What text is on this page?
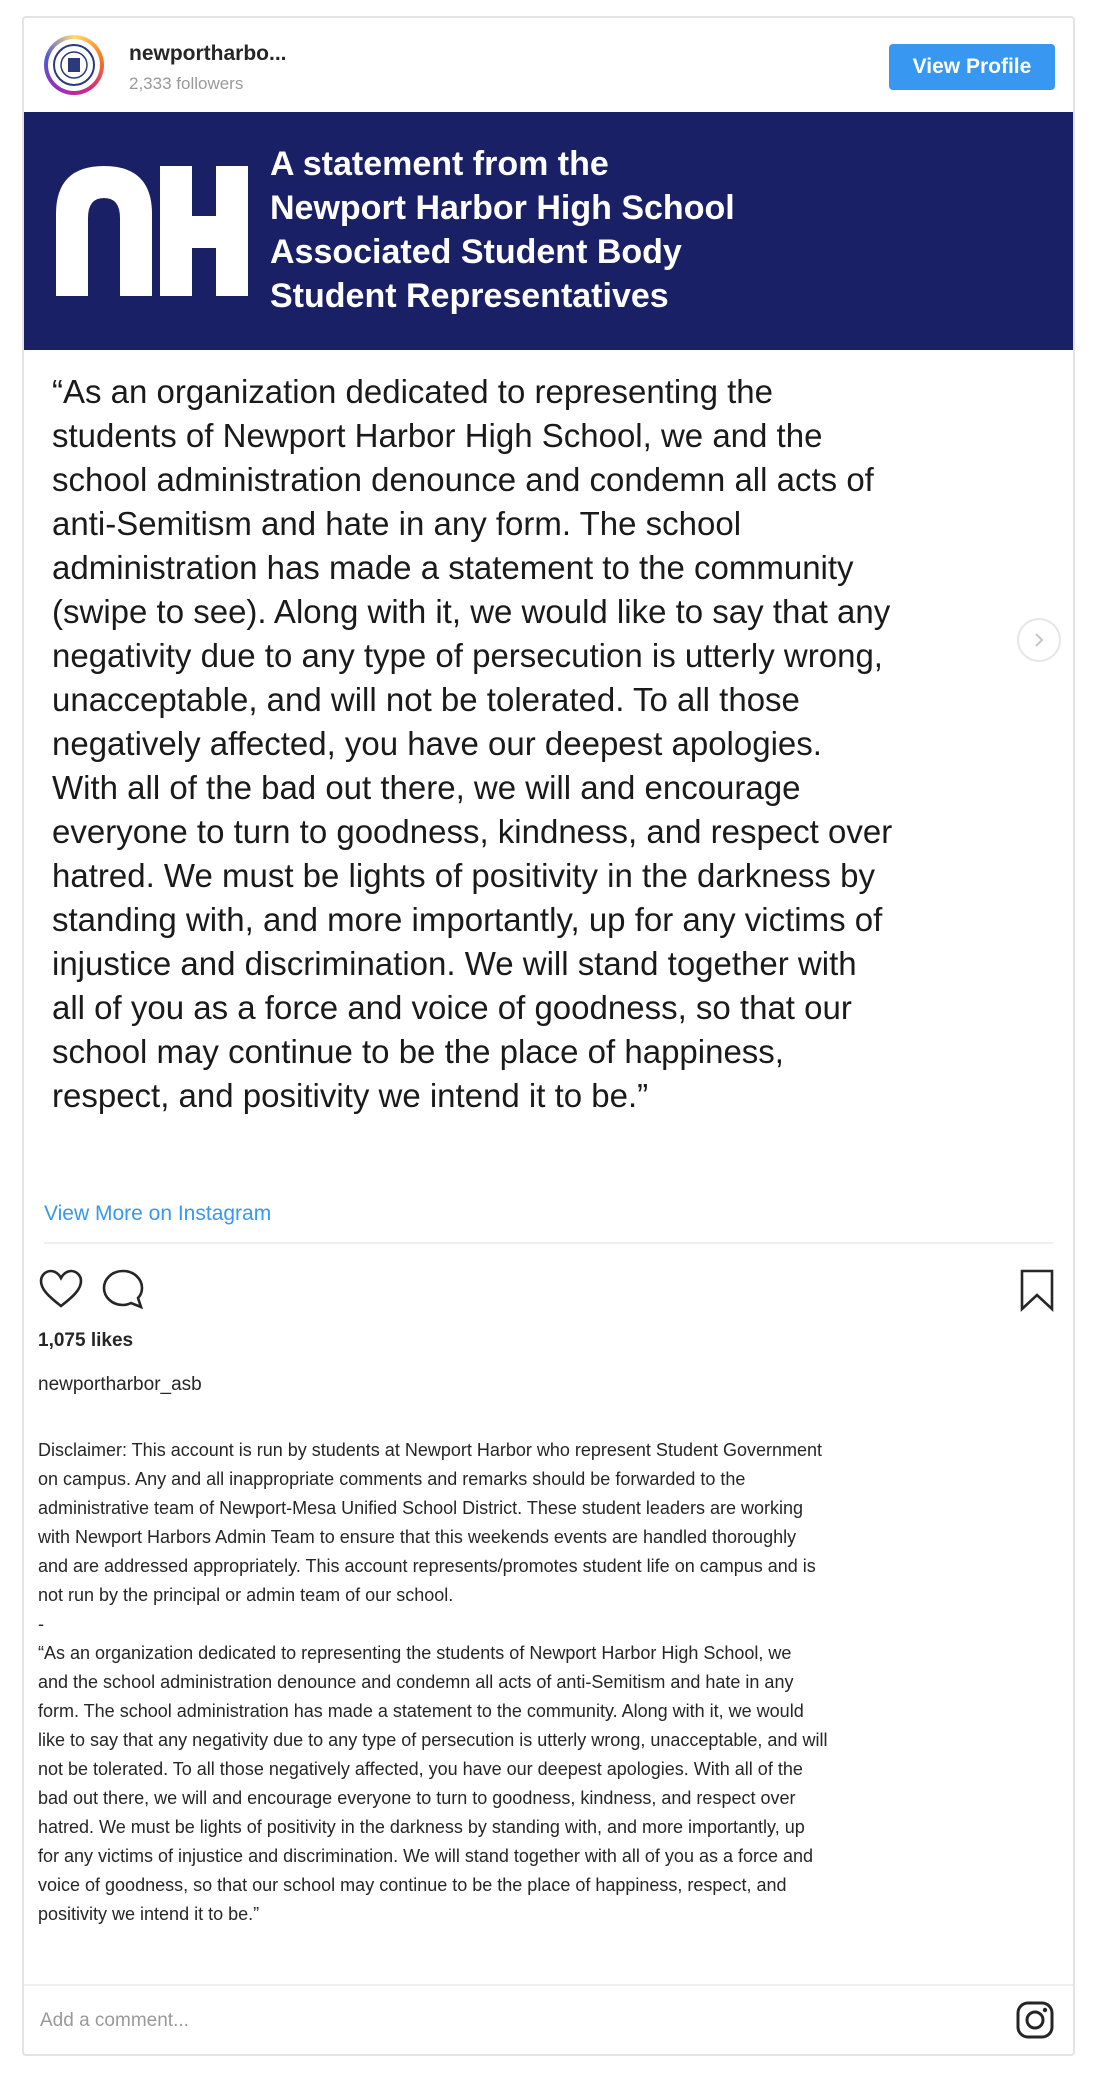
newportharbo...
2,333 followers
View Profile
A statement from the
Newport Harbor High School
Associated Student Body
Student Representatives
“As an organization dedicated to representing the
students of Newport Harbor High School, we and the
school administration denounce and condemn all acts of
anti-Semitism and hate in any form. The school
administration has made a statement to the community
(swipe to see). Along with it, we would like to say that any
negativity due to any type of persecution is utterly wrong,
unacceptable, and will not be tolerated. To all those
negatively affected, you have our deepest apologies.
With all of the bad out there, we will and encourage
everyone to turn to goodness, kindness, and respect over
hatred. We must be lights of positivity in the darkness by
standing with, and more importantly, up for any victims of
injustice and discrimination. We will stand together with
all of you as a force and voice of goodness, so that our
school may continue to be the place of happiness,
respect, and positivity we intend it to be.”
View More on Instagram
1,075 likes
newportharbor_asb
Disclaimer: This account is run by students at Newport Harbor who represent Student Government
on campus. Any and all inappropriate comments and remarks should be forwarded to the
administrative team of Newport-Mesa Unified School District. These student leaders are working
with Newport Harbors Admin Team to ensure that this weekends events are handled thoroughly
and are addressed appropriately. This account represents/promotes student life on campus and is
not run by the principal or admin team of our school.
-
“As an organization dedicated to representing the students of Newport Harbor High School, we
and the school administration denounce and condemn all acts of anti-Semitism and hate in any
form. The school administration has made a statement to the community. Along with it, we would
like to say that any negativity due to any type of persecution is utterly wrong, unacceptable, and will
not be tolerated. To all those negatively affected, you have our deepest apologies. With all of the
bad out there, we will and encourage everyone to turn to goodness, kindness, and respect over
hatred. We must be lights of positivity in the darkness by standing with, and more importantly, up
for any victims of injustice and discrimination. We will stand together with all of you as a force and
voice of goodness, so that our school may continue to be the place of happiness, respect, and
positivity we intend it to be.”
Add a comment...
